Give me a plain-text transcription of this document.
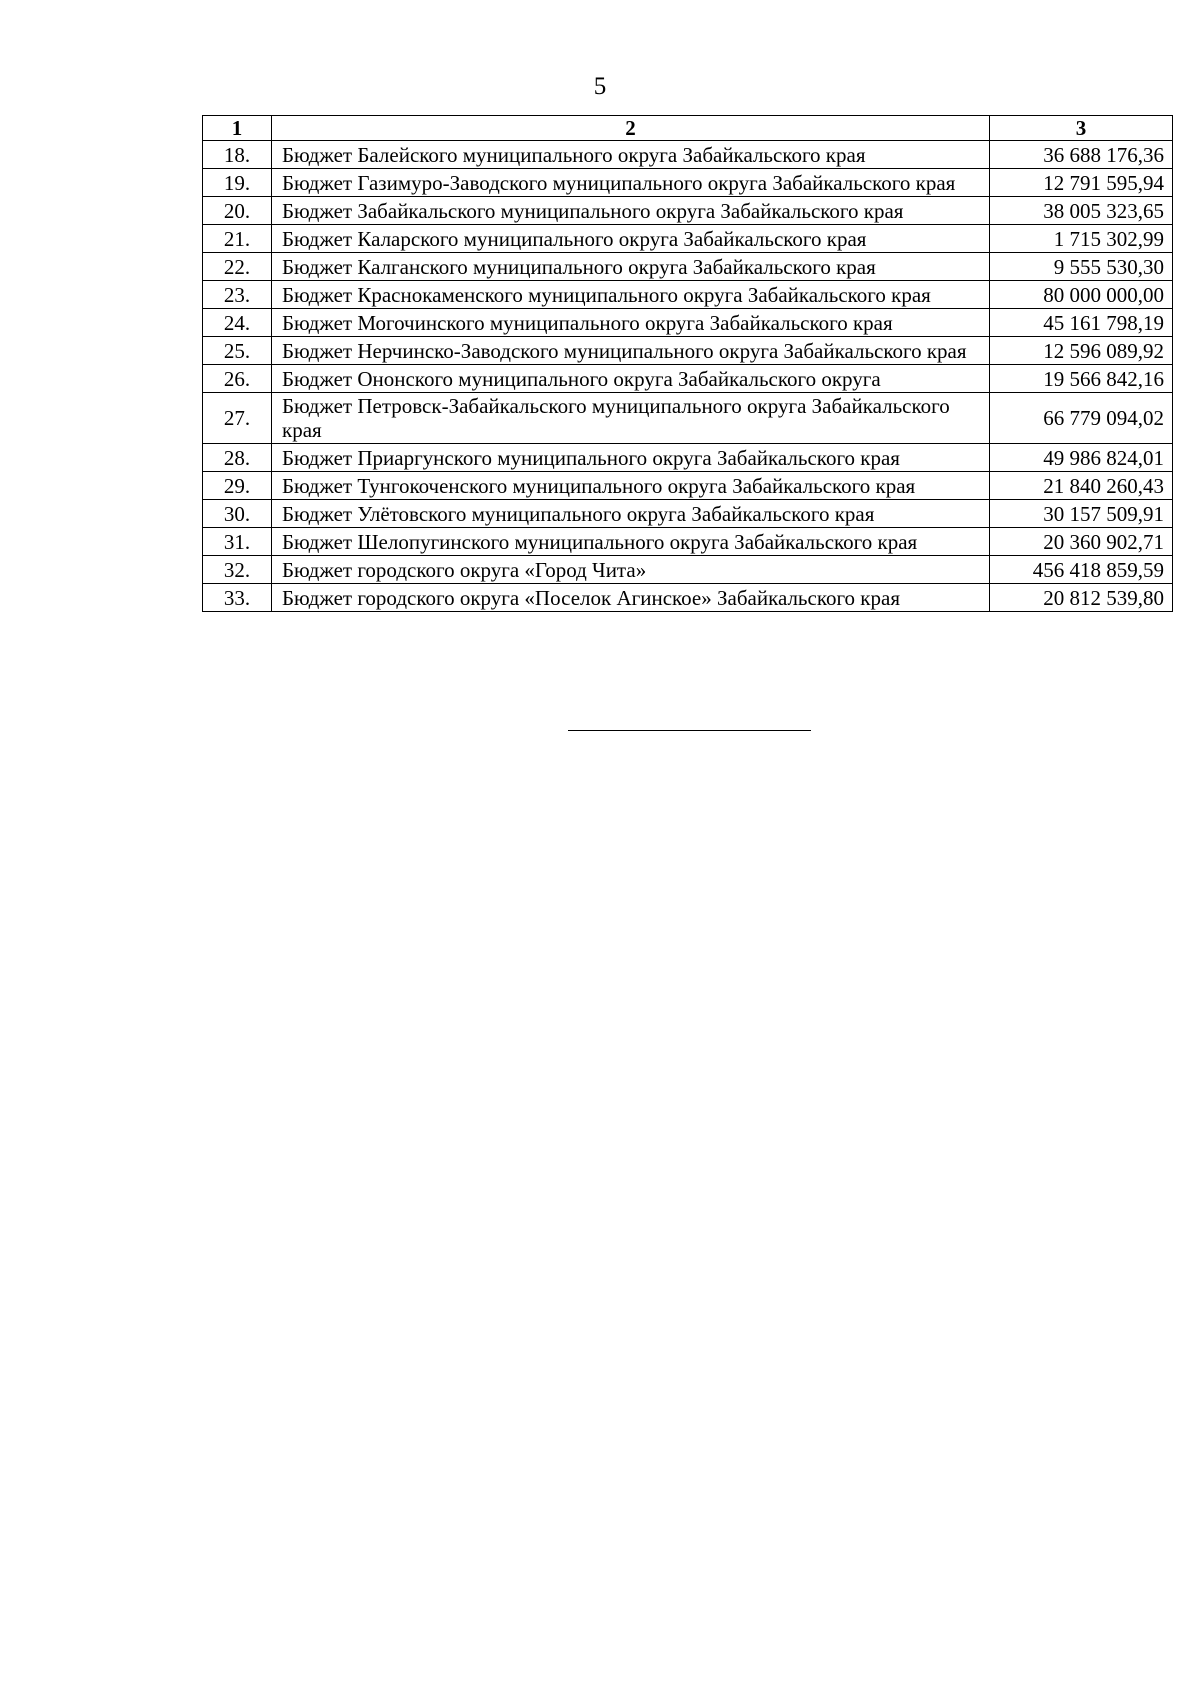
5
1	2	3
18.	Бюджет Балейского муниципального округа Забайкальского края	36 688 176,36
19.	Бюджет Газимуро-Заводского муниципального округа Забайкальского края	12 791 595,94
20.	Бюджет Забайкальского муниципального округа Забайкальского края	38 005 323,65
21.	Бюджет Каларского муниципального округа Забайкальского края	1 715 302,99
22.	Бюджет Калганского муниципального округа Забайкальского края	9 555 530,30
23.	Бюджет Краснокаменского муниципального округа Забайкальского края	80 000 000,00
24.	Бюджет Могочинского муниципального округа Забайкальского края	45 161 798,19
25.	Бюджет Нерчинско-Заводского муниципального округа Забайкальского края	12 596 089,92
26.	Бюджет Ононского муниципального округа Забайкальского округа	19 566 842,16
27.	Бюджет Петровск-Забайкальского муниципального округа Забайкальского края	66 779 094,02
28.	Бюджет Приаргунского муниципального округа Забайкальского края	49 986 824,01
29.	Бюджет Тунгокоченского муниципального округа Забайкальского края	21 840 260,43
30.	Бюджет Улётовского муниципального округа Забайкальского края	30 157 509,91
31.	Бюджет Шелопугинского муниципального округа Забайкальского края	20 360 902,71
32.	Бюджет городского округа «Город Чита»	456 418 859,59
33.	Бюджет городского округа «Поселок Агинское» Забайкальского края	20 812 539,80
